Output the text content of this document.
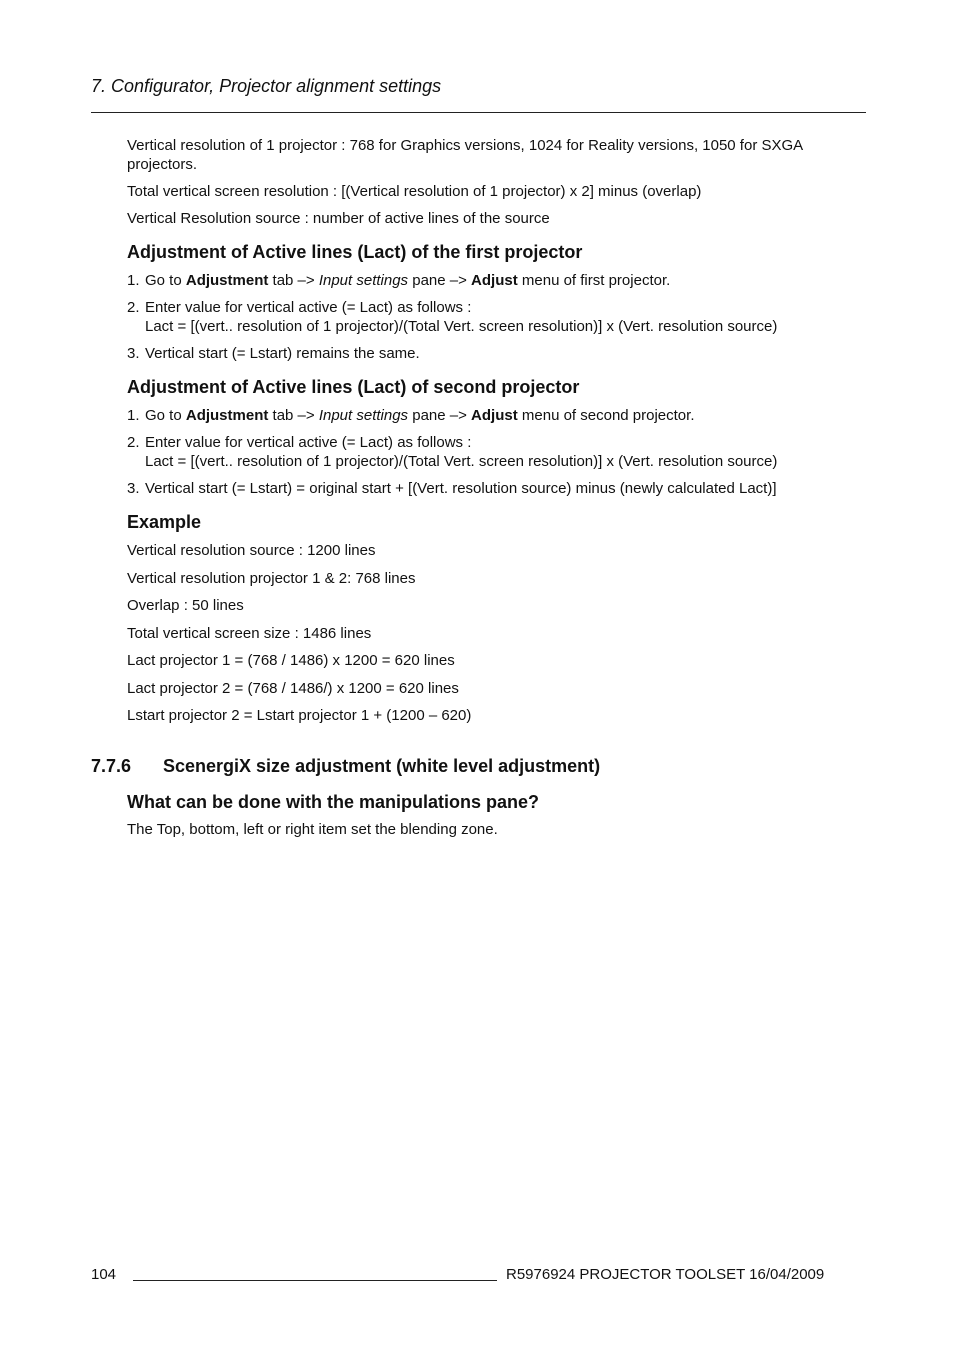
7. Configurator, Projector alignment settings

Vertical resolution of 1 projector : 768 for Graphics versions, 1024 for Reality versions, 1050 for SXGA projectors.

Total vertical screen resolution : [(Vertical resolution of 1 projector) x 2] minus (overlap)

Vertical Resolution source : number of active lines of the source

Adjustment of Active lines (Lact) of the first projector
1. Go to Adjustment tab –> Input settings pane –> Adjust menu of first projector.
2. Enter value for vertical active (= Lact) as follows :
Lact = [(vert.. resolution of 1 projector)/(Total Vert. screen resolution)] x (Vert. resolution source)
3. Vertical start (= Lstart) remains the same.
Adjustment of Active lines (Lact) of second projector
1. Go to Adjustment tab –> Input settings pane –> Adjust menu of second projector.
2. Enter value for vertical active (= Lact) as follows :
Lact = [(vert.. resolution of 1 projector)/(Total Vert. screen resolution)] x (Vert. resolution source)
3. Vertical start (= Lstart) = original start + [(Vert. resolution source) minus (newly calculated Lact)]
Example

Vertical resolution source : 1200 lines

Vertical resolution projector 1 & 2: 768 lines

Overlap : 50 lines

Total vertical screen size : 1486 lines

Lact projector 1 = (768 / 1486) x 1200 = 620 lines

Lact projector 2 = (768 / 1486/) x 1200 = 620 lines

Lstart projector 2 = Lstart projector 1 + (1200 – 620)

7.7.6 ScenergiX size adjustment (white level adjustment)
What can be done with the manipulations pane?
The Top, bottom, left or right item set the blending zone.
104	R5976924 PROJECTOR TOOLSET 16/04/2009
